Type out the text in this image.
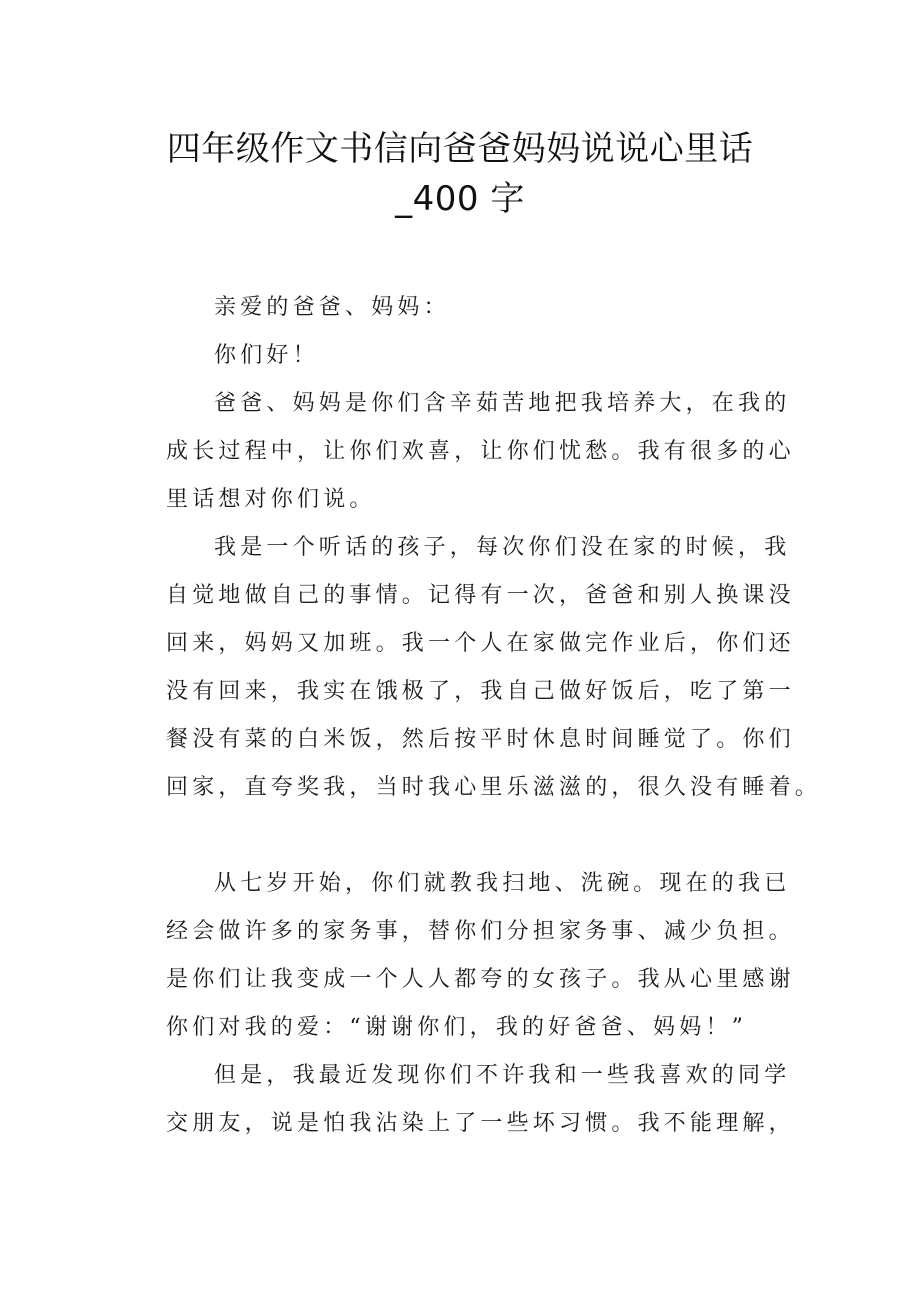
四年级作文书信向爸爸妈妈说说心里话
_400 字
亲爱的爸爸、妈妈：
你们好！
爸爸、妈妈是你们含辛茹苦地把我培养大，在我的
成长过程中，让你们欢喜，让你们忧愁。我有很多的心
里话想对你们说。
我是一个听话的孩子，每次你们没在家的时候，我
自觉地做自己的事情。记得有一次，爸爸和别人换课没
回来，妈妈又加班。我一个人在家做完作业后，你们还
没有回来，我实在饿极了，我自己做好饭后，吃了第一
餐没有菜的白米饭，然后按平时休息时间睡觉了。你们
回家，直夸奖我，当时我心里乐滋滋的，很久没有睡着。
从七岁开始，你们就教我扫地、洗碗。现在的我已
经会做许多的家务事，替你们分担家务事、减少负担。
是你们让我变成一个人人都夸的女孩子。我从心里感谢
你们对我的爱：“谢谢你们，我的好爸爸、妈妈！”
但是，我最近发现你们不许我和一些我喜欢的同学
交朋友，说是怕我沾染上了一些坏习惯。我不能理解，
